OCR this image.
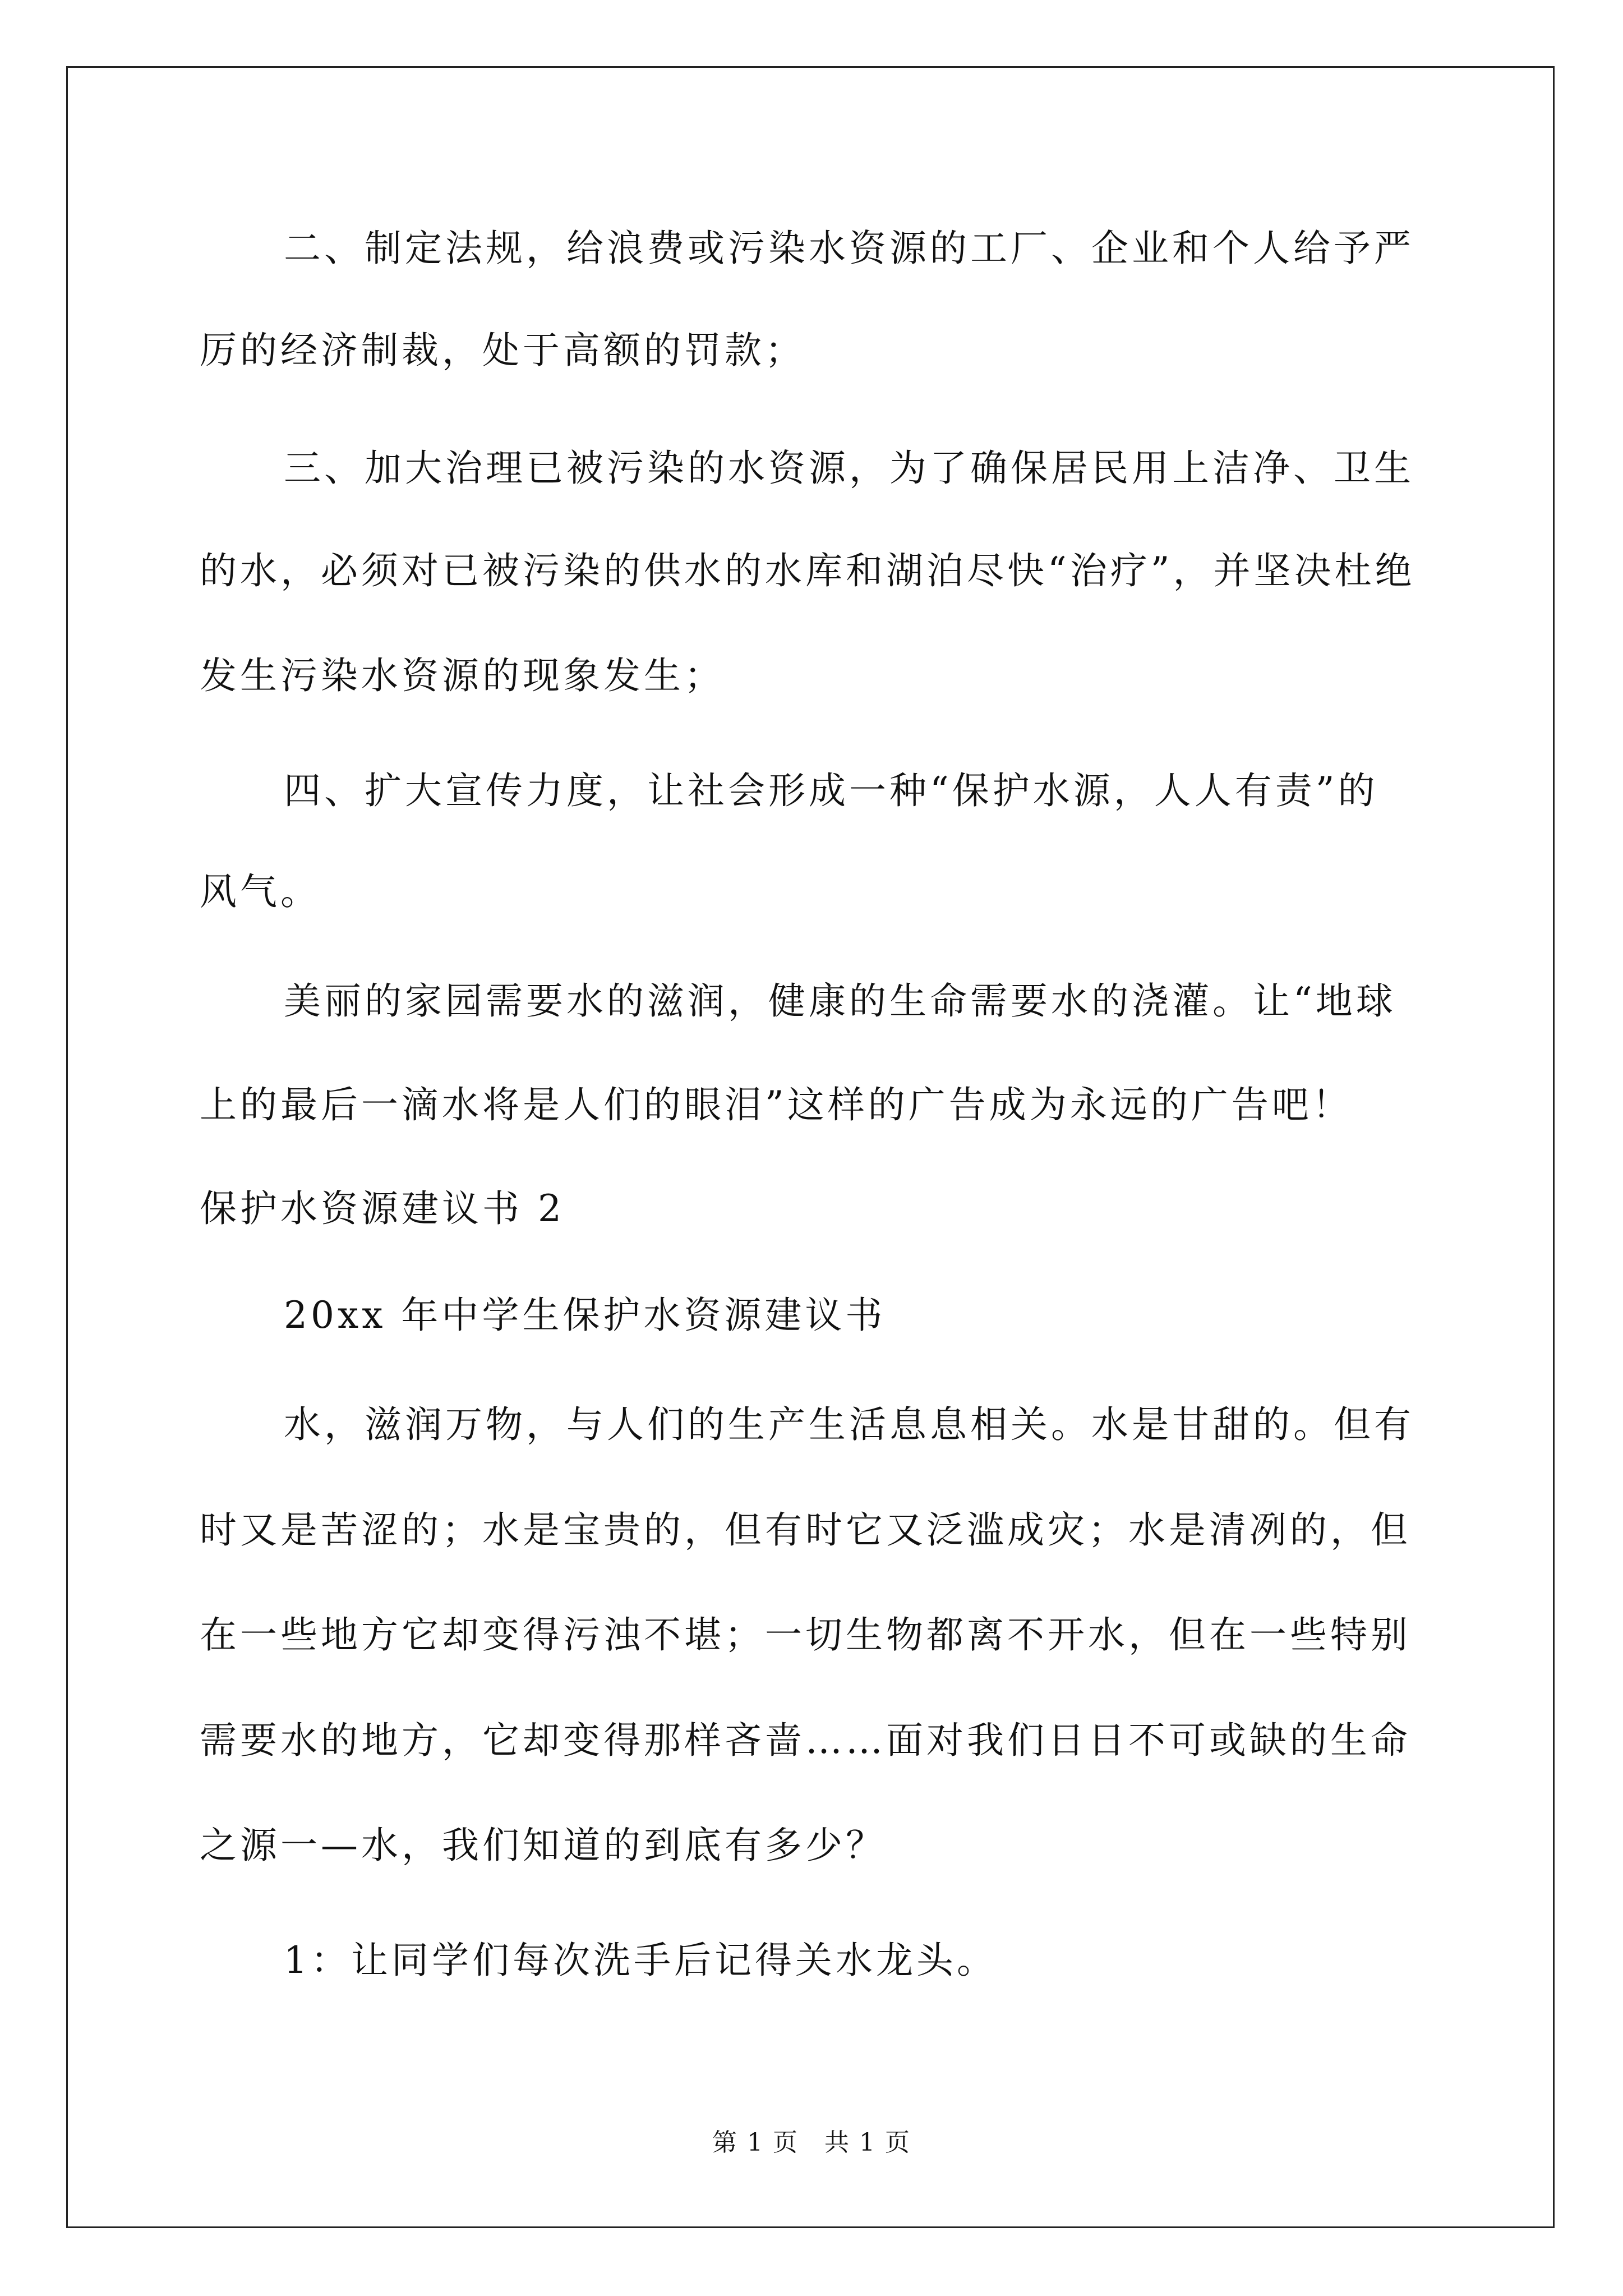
二、制定法规，给浪费或污染水资源的工厂、企业和个人给予严
厉的经济制裁，处于高额的罚款；
三、加大治理已被污染的水资源，为了确保居民用上洁净、卫生
的水，必须对已被污染的供水的水库和湖泊尽快“治疗”，并坚决杜绝
发生污染水资源的现象发生；
四、扩大宣传力度，让社会形成一种“保护水源，人人有责”的
风气。
美丽的家园需要水的滋润，健康的生命需要水的浇灌。让“地球
上的最后一滴水将是人们的眼泪”这样的广告成为永远的广告吧！
保护水资源建议书 2
20xx 年中学生保护水资源建议书
水，滋润万物，与人们的生产生活息息相关。水是甘甜的。但有
时又是苦涩的；水是宝贵的，但有时它又泛滥成灾；水是清冽的，但
在一些地方它却变得污浊不堪；一切生物都离不开水，但在一些特别
需要水的地方，它却变得那样吝啬……面对我们日日不可或缺的生命
之源一—水，我们知道的到底有多少？
1：让同学们每次洗手后记得关水龙头。
第 1 页　共 1 页
